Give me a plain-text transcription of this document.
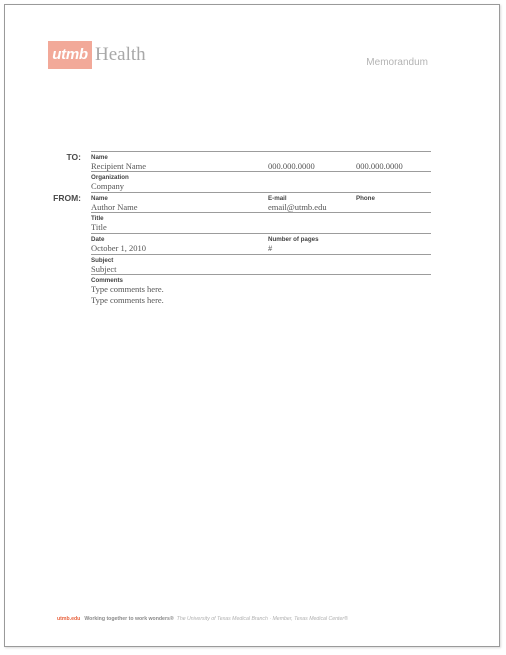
utmb Health	Memorandum
TO: Name
Recipient Name	000.000.0000	000.000.0000
Organization
Company
FROM: Name	E-mail	Phone
Author Name	email@utmb.edu
Title
Title
Date	Number of pages
October 1, 2010	#
Subject
Subject
Comments
Type comments here.
Type comments here.
utmb.edu Working together to work wonders® The University of Texas Medical Branch · Member, Texas Medical Center®
